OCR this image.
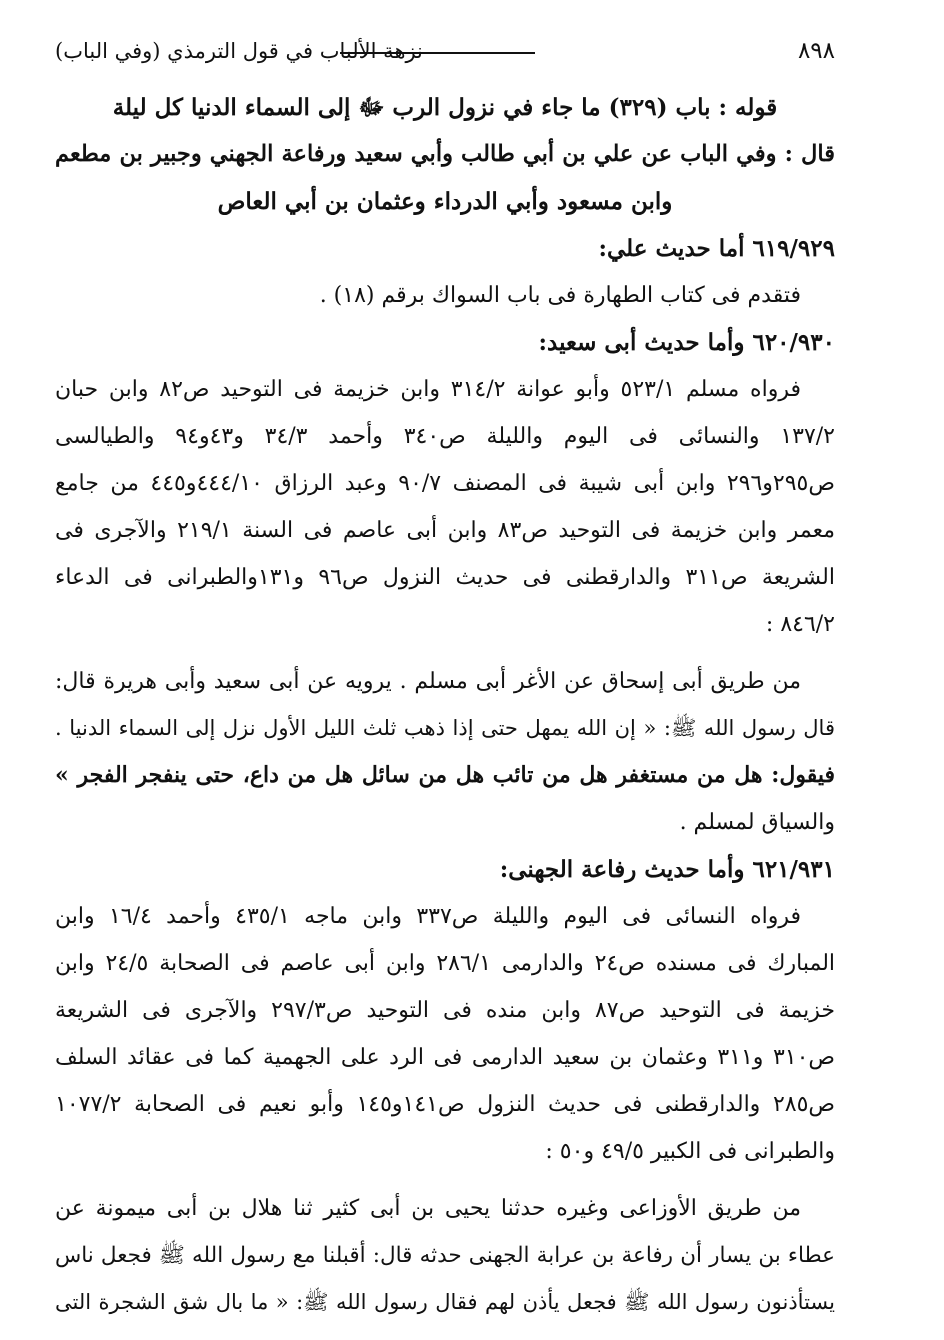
٨٩٨
نزهة الألباب في قول الترمذي (وفي الباب)
قوله : باب (٣٢٩) ما جاء في نزول الرب ﷻ إلى السماء الدنيا كل ليلة
قال : وفي الباب عن علي بن أبي طالب وأبي سعيد ورفاعة الجهني وجبير بن مطعم
وابن مسعود وأبي الدرداء وعثمان بن أبي العاص
٦١٩/٩٢٩ أما حديث علي:
فتقدم فى كتاب الطهارة فى باب السواك برقم (١٨) .
٦٢٠/٩٣٠ وأما حديث أبى سعيد:
فرواه مسلم ٥٢٣/١ وأبو عوانة ٣١٤/٢ وابن خزيمة فى التوحيد ص٨٢ وابن حبان
١٣٧/٢ والنسائى فى اليوم والليلة ص٣٤٠ وأحمد ٣٤/٣ و٤٣و٩٤ والطيالسى
ص٢٩٥و٢٩٦ وابن أبى شيبة فى المصنف ٩٠/٧ وعبد الرزاق ٤٤٤/١٠و٤٤٥ من جامع
معمر وابن خزيمة فى التوحيد ص٨٣ وابن أبى عاصم فى السنة ٢١٩/١ والآجرى فى
الشريعة ص٣١١ والدارقطنى فى حديث النزول ص٩٦ و١٣١والطبرانى فى الدعاء
٨٤٦/٢ :
من طريق أبى إسحاق عن الأغر أبى مسلم . يرويه عن أبى سعيد وأبى هريرة قال:
قال رسول الله ﷺ: « إن الله يمهل حتى إذا ذهب ثلث الليل الأول نزل إلى السماء الدنيا .
فيقول: هل من مستغفر هل من تائب هل من سائل هل من داع، حتى ينفجر الفجر »
والسياق لمسلم .
٦٢١/٩٣١ وأما حديث رفاعة الجهنى:
فرواه النسائى فى اليوم والليلة ص٣٣٧ وابن ماجه ٤٣٥/١ وأحمد ١٦/٤ وابن
المبارك فى مسنده ص٢٤ والدارمى ٢٨٦/١ وابن أبى عاصم فى الصحابة ٢٤/٥ وابن
خزيمة فى التوحيد ص٨٧ وابن منده فى التوحيد ص٢٩٧/٣ والآجرى فى الشريعة
ص٣١٠ و٣١١ وعثمان بن سعيد الدارمى فى الرد على الجهمية كما فى عقائد السلف
ص٢٨٥ والدارقطنى فى حديث النزول ص١٤١و١٤٥ وأبو نعيم فى الصحابة ١٠٧٧/٢
والطبرانى فى الكبير ٤٩/٥ و٥٠ :
من طريق الأوزاعى وغيره حدثنا يحيى بن أبى كثير ثنا هلال بن أبى ميمونة عن
عطاء بن يسار أن رفاعة بن عرابة الجهنى حدثه قال: أقبلنا مع رسول الله ﷺ فجعل ناس
يستأذنون رسول الله ﷺ فجعل يأذن لهم فقال رسول الله ﷺ: « ما بال شق الشجرة التى
